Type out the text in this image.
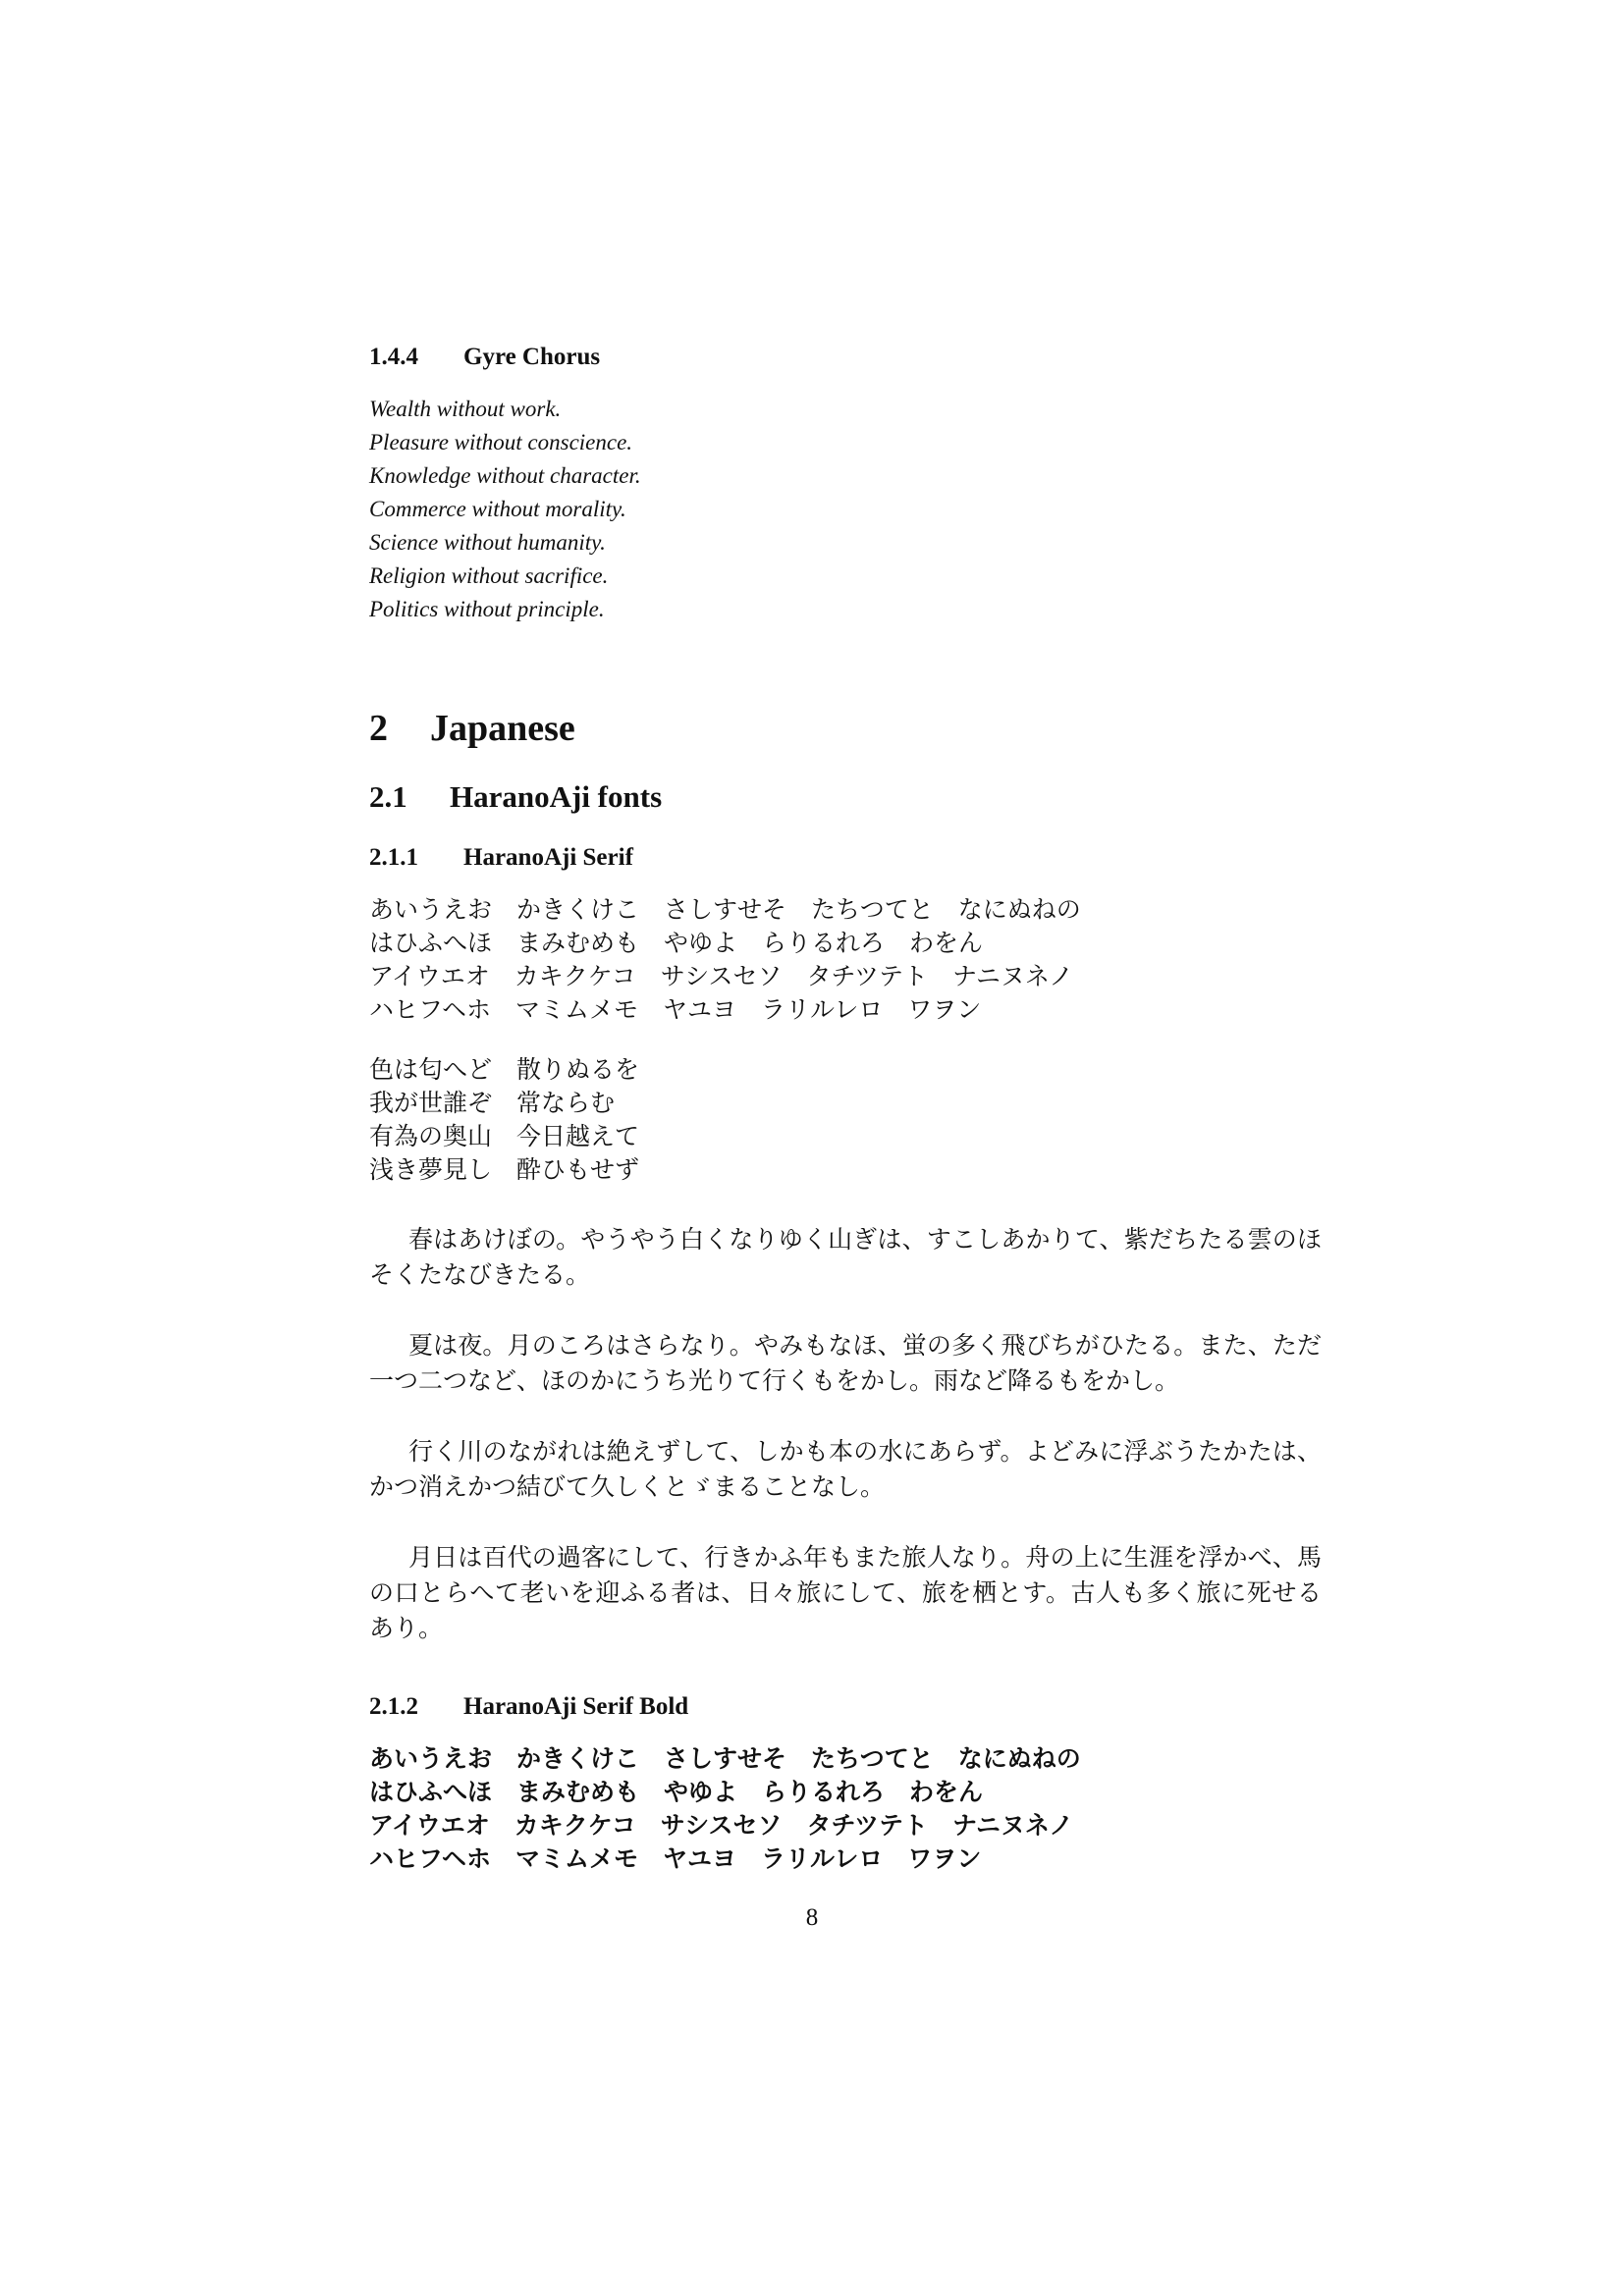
1.4.4 Gyre Chorus
Wealth without work.
Pleasure without conscience.
Knowledge without character.
Commerce without morality.
Science without humanity.
Religion without sacrifice.
Politics without principle.
2 Japanese
2.1 HaranoAji fonts
2.1.1 HaranoAji Serif
あいうえお　かきくけこ　さしすせそ　たちつてと　なにぬねの
はひふへほ　まみむめも　やゆよ　らりるれろ　わをん
アイウエオ　カキクケコ　サシスセソ　タチツテト　ナニヌネノ
ハヒフヘホ　マミムメモ　ヤユヨ　ラリルレロ　ワヲン
色は匂へど　散りぬるを
我が世誰ぞ　常ならむ
有為の奥山　今日越えて
浅き夢見し　酔ひもせず

春はあけぼの。やうやう白くなりゆく山ぎは、すこしあかりて、紫だちたる雲のほそくたなびきたる。

夏は夜。月のころはさらなり。やみもなほ、蛍の多く飛びちがひたる。また、ただ一つ二つなど、ほのかにうち光りて行くもをかし。雨など降るもをかし。

行く川のながれは絶えずして、しかも本の水にあらず。よどみに浮ぶうたかたは、かつ消えかつ結びて久しくとゞまることなし。

月日は百代の過客にして、行きかふ年もまた旅人なり。舟の上に生涯を浮かべ、馬の口とらへて老いを迎ふる者は、日々旅にして、旅を栖とす。古人も多く旅に死せるあり。

2.1.2 HaranoAji Serif Bold
あいうえお　かきくけこ　さしすせそ　たちつてと　なにぬねの
はひふへほ　まみむめも　やゆよ　らりるれろ　わをん
アイウエオ　カキクケコ　サシスセソ　タチツテト　ナニヌネノ
ハヒフヘホ　マミムメモ　ヤユヨ　ラリルレロ　ワヲン
8
